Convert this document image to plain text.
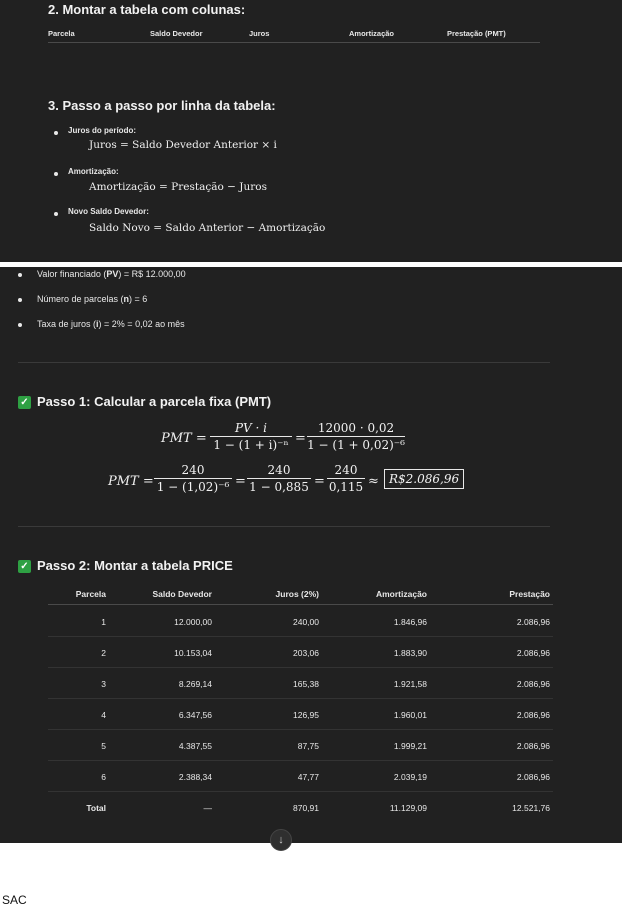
2. Montar a tabela com colunas:
Parcela	Saldo Devedor	Juros	Amortização	Prestação (PMT)
3. Passo a passo por linha da tabela:
Juros do período:
Juros = Saldo Devedor Anterior × i
Amortização:
Amortização = Prestação − Juros
Novo Saldo Devedor:
Saldo Novo = Saldo Anterior − Amortização
Valor financiado (PV) = R$ 12.000,00
Número de parcelas (n) = 6
Taxa de juros (i) = 2% = 0,02 ao mês
✓ Passo 1: Calcular a parcela fixa (PMT)
PMT =
PV · i
1 − (1 + i)⁻ⁿ =
12000 · 0,02
1 − (1 + 0,02)⁻⁶
PMT =
240
1 − (1,02)⁻⁶ =
240
1 − 0,885 =
240
0,115 ≈ R$2.086,96
✓ Passo 2: Montar a tabela PRICE
Parcela	Saldo Devedor	Juros (2%)	Amortização	Prestação
1	12.000,00	240,00	1.846,96	2.086,96
2	10.153,04	203,06	1.883,90	2.086,96
3	8.269,14	165,38	1.921,58	2.086,96
4	6.347,56	126,95	1.960,01	2.086,96
5	4.387,55	87,75	1.999,21	2.086,96
6	2.388,34	47,77	2.039,19	2.086,96
Total	—	870,91	11.129,09	12.521,76
↓
SAC
